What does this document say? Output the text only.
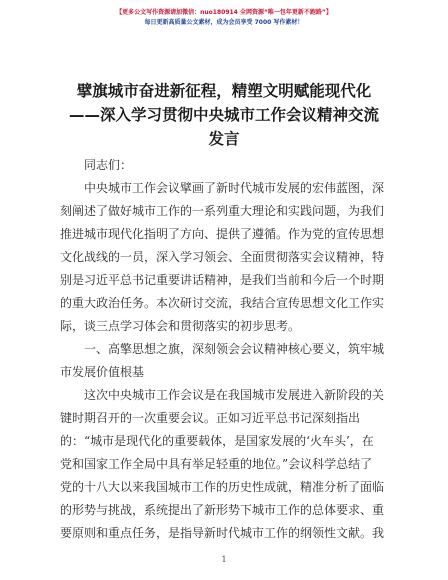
【更多公文写作资源请加微信：nuo180914 全网资源“唯一包年更新不跑路”】
每日更新高质量公文素材，成为会员享受 7000 写作素材！
擘旗城市奋进新征程，精塑文明赋能现代化
——深入学习贯彻中央城市工作会议精神交流
发言
同志们：
中央城市工作会议擘画了新时代城市发展的宏伟蓝图，深
刻阐述了做好城市工作的一系列重大理论和实践问题，为我们
推进城市现代化指明了方向、提供了遵循。作为党的宣传思想
文化战线的一员，深入学习领会、全面贯彻落实会议精神，特
别是习近平总书记重要讲话精神，是我们当前和今后一个时期
的重大政治任务。本次研讨交流，我结合宣传思想文化工作实
际，谈三点学习体会和贯彻落实的初步思考。
一、高擎思想之旗，深刻领会会议精神核心要义，筑牢城
市发展价值根基
这次中央城市工作会议是在我国城市发展进入新阶段的关
键时期召开的一次重要会议。正如习近平总书记深刻指出
的：“城市是现代化的重要载体，是国家发展的‘火车头’，在
党和国家工作全局中具有举足轻重的地位。”会议科学总结了
党的十八大以来我国城市工作的历史性成就，精准分析了面临
的形势与挑战，系统提出了新形势下城市工作的总体要求、重
要原则和重点任务，是指导新时代城市工作的纲领性文献。我
1
